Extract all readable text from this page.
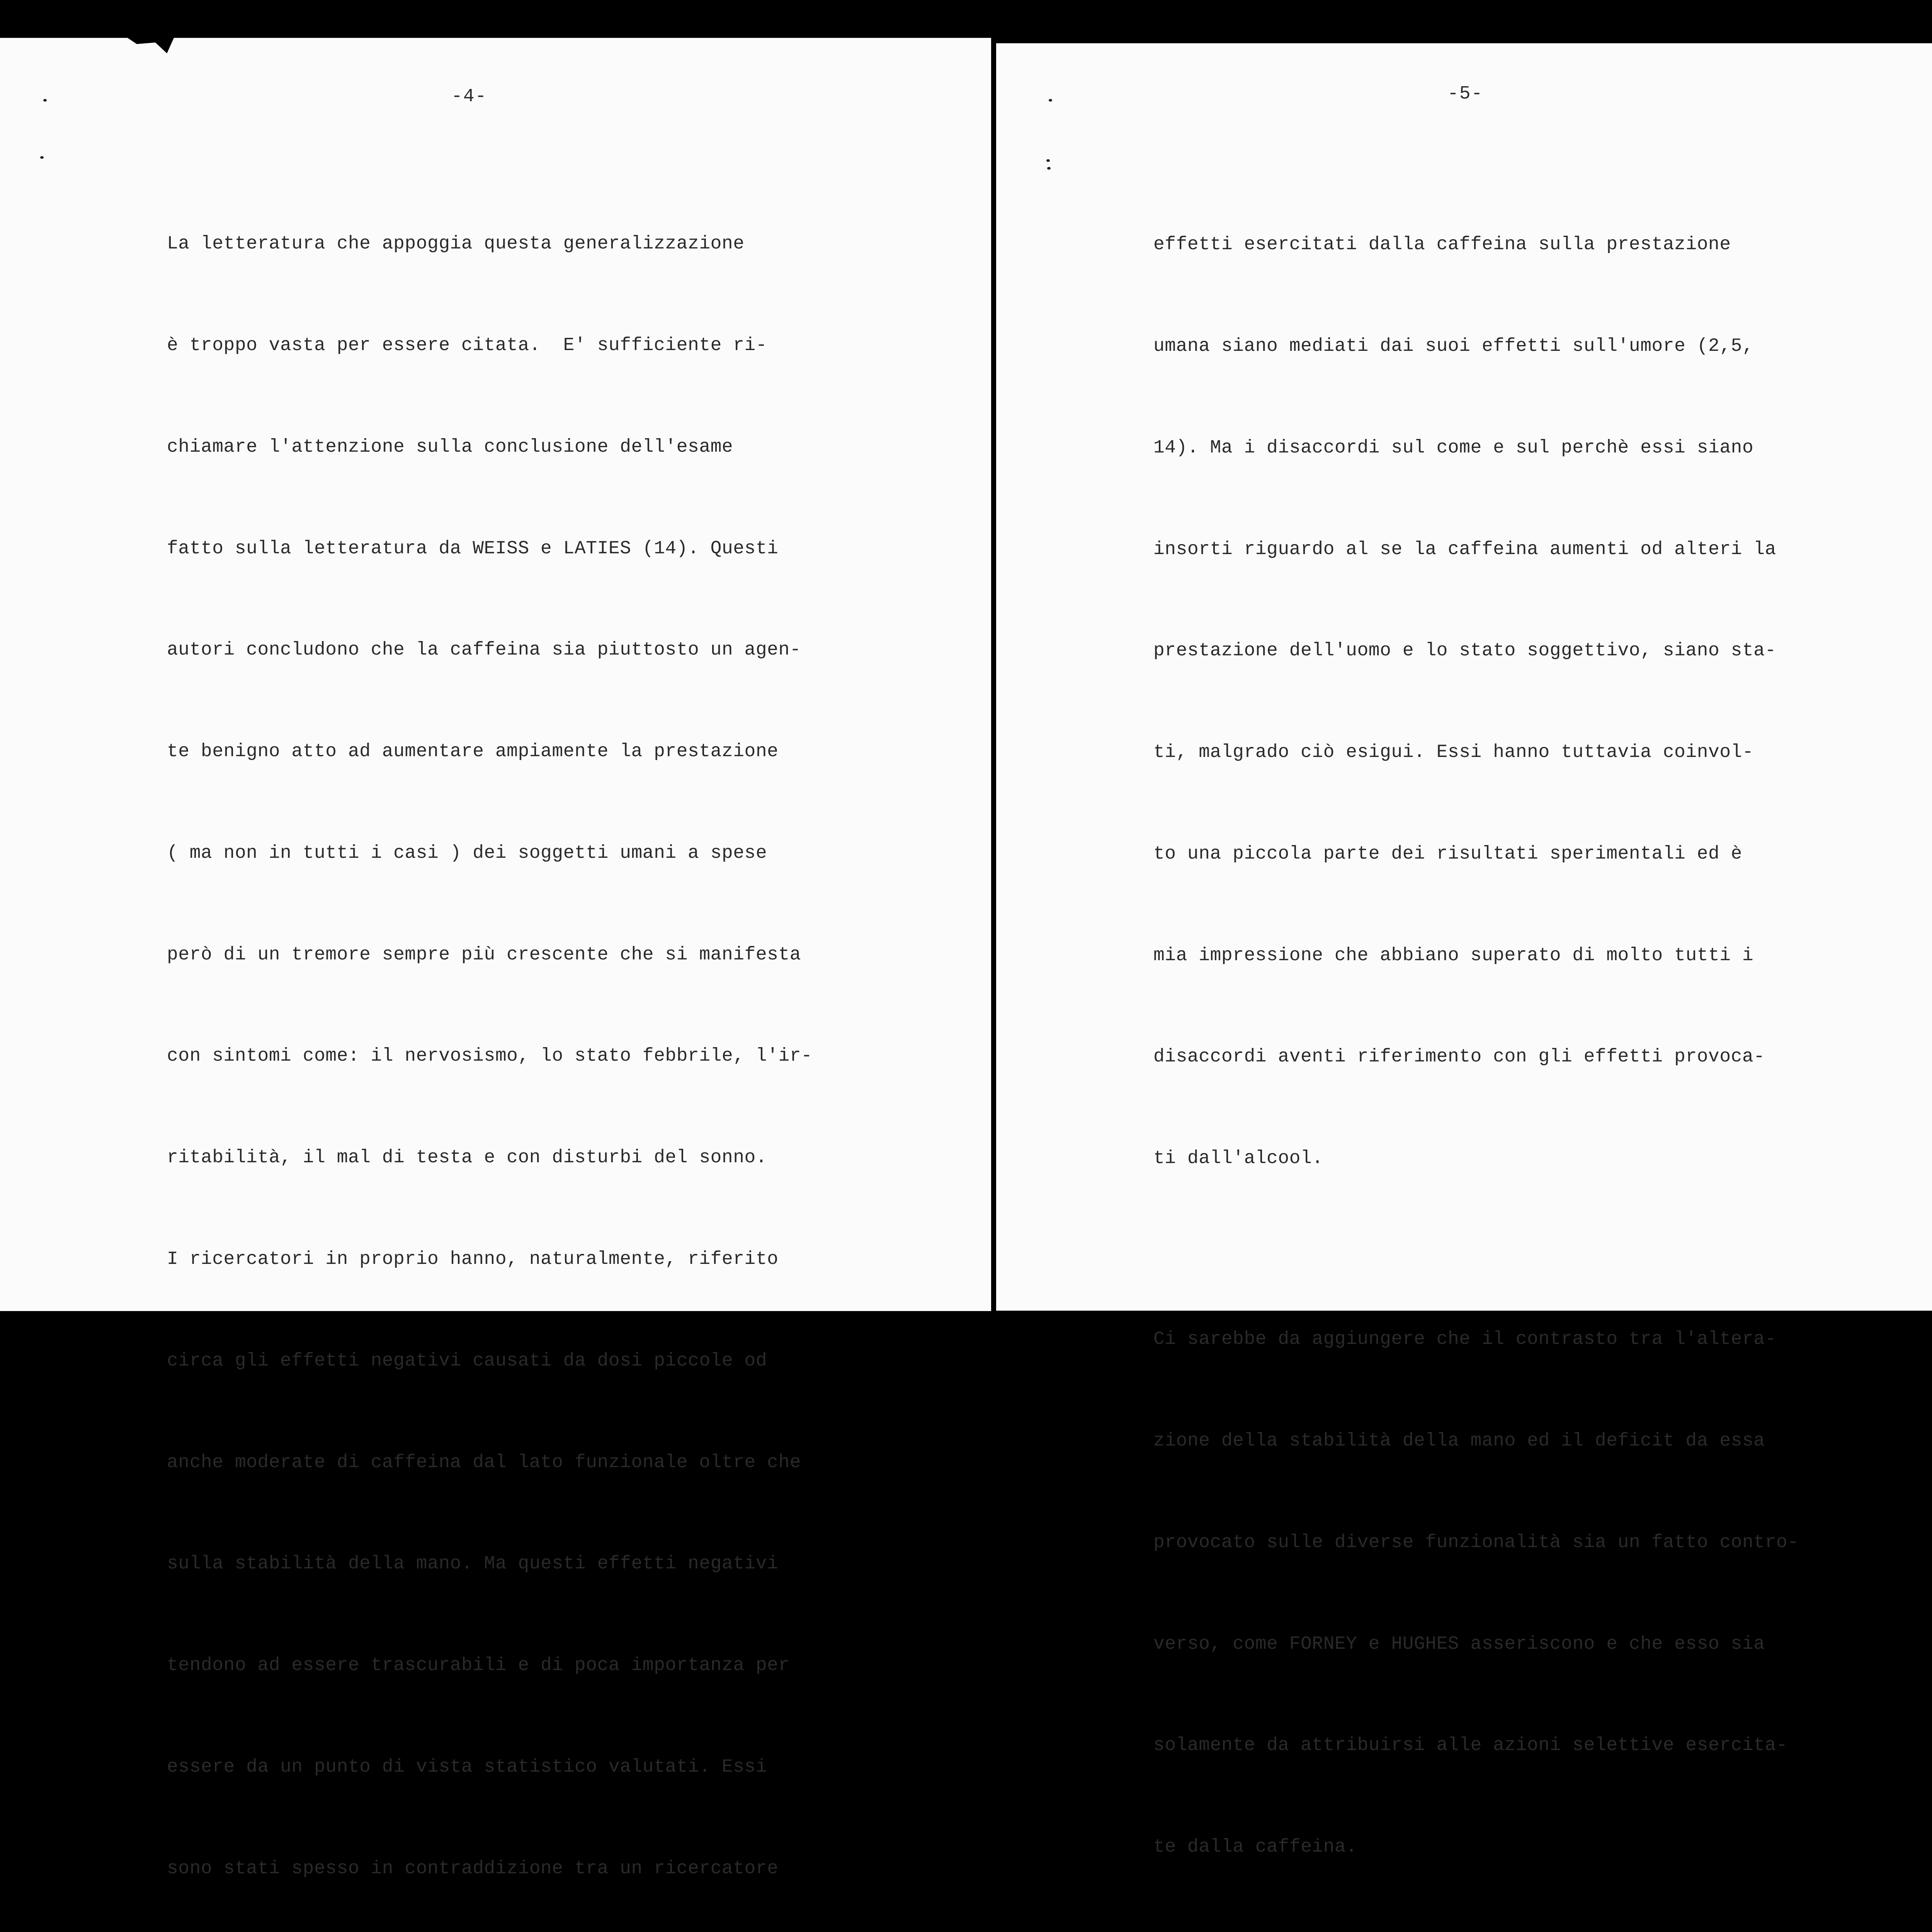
-4-

La letteratura che appoggia questa generalizzazione

è troppo vasta per essere citata.  E' sufficiente ri-

chiamare l'attenzione sulla conclusione dell'esame

fatto sulla letteratura da WEISS e LATIES (14). Questi

autori concludono che la caffeina sia piuttosto un agen-

te benigno atto ad aumentare ampiamente la prestazione

( ma non in tutti i casi ) dei soggetti umani a spese

però di un tremore sempre più crescente che si manifesta

con sintomi come: il nervosismo, lo stato febbrile, l'ir-

ritabilità, il mal di testa e con disturbi del sonno.

I ricercatori in proprio hanno, naturalmente, riferito

circa gli effetti negativi causati da dosi piccole od

anche moderate di caffeina dal lato funzionale oltre che

sulla stabilità della mano. Ma questi effetti negativi

tendono ad essere trascurabili e di poca importanza per

essere da un punto di vista statistico valutati. Essi

sono stati spesso in contraddizione tra un ricercatore

-5-

effetti esercitati dalla caffeina sulla prestazione

umana siano mediati dai suoi effetti sull'umore (2,5,

14). Ma i disaccordi sul come e sul perchè essi siano

insorti riguardo al se la caffeina aumenti od alteri la

prestazione dell'uomo e lo stato soggettivo, siano sta-

ti, malgrado ciò esigui. Essi hanno tuttavia coinvol-

to una piccola parte dei risultati sperimentali ed è

mia impressione che abbiano superato di molto tutti i

disaccordi aventi riferimento con gli effetti provoca-

ti dall'alcool.

Ci sarebbe da aggiungere che il contrasto tra l'altera-

zione della stabilità della mano ed il deficit da essa

provocato sulle diverse funzionalità sia un fatto contro-

verso, come FORNEY e HUGHES asseriscono e che esso sia

solamente da attribuirsi alle azioni selettive esercita-

te dalla caffeina.
